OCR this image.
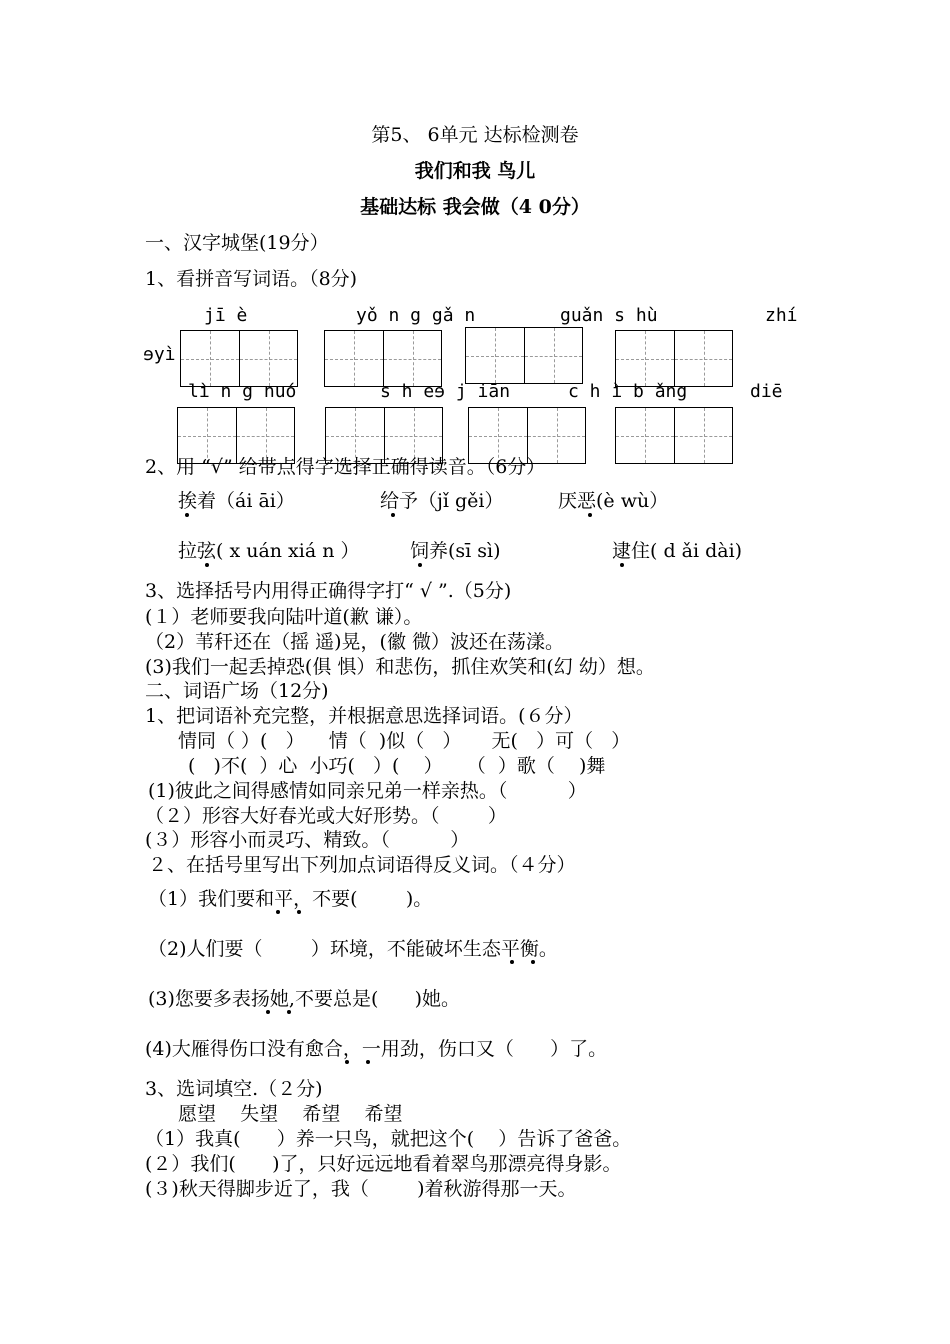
第5、 6单元 达标检测卷
我们和我 鸟儿
基础达标 我会做（4 0分）
一、汉字城堡(19分）
1、看拼音写词语。（8分)
jī è	yǒ n g gǎ n	guǎn s hù	zhí
ɘyì
lì n g nuó	s h eɘ j iān	c h ì b ǎng	diē
2、用 “√” 给带点得字选择正确得读音。（6分）
挨着（ái āi）	给予（jǐ gěi）	厌恶(è wù）
拉弦( x uán xiá n ）	饲养(sī sì)	逮住( d ǎi dài)
3、选择括号内用得正确得字打“ √ ”.（5分)
(１）老师要我向陆叶道(歉 谦）。
（2）苇秆还在（摇 遥)晃，(徽 微）波还在荡漾。
(3)我们一起丢掉恐(俱 惧）和悲伤，抓住欢笑和(幻 幼）想。
二、词语广场（12分)
1、把词语补充完整，并根据意思选择词语。(６分）
情同（ ）(   ）    情（  )似（   ）     无(   ）可（   ）
(   )不(  ）心  小巧(   ）(    ）    （  ）歌（    )舞
(1)彼此之间得感情如同亲兄弟一样亲热。（          ）
（２）形容大好春光或大好形势。（        ）
(３）形容小而灵巧、精致。（          ）
２、在括号里写出下列加点词语得反义词。（４分）
（1）我们要和平，不要(        )。
（2)人们要（        ）环境，不能破坏生态平衡。
(3)您要多表扬她,不要总是(      )她。
(4)大雁得伤口没有愈合，一用劲，伤口又（      ）了。
3、选词填空.（２分)
愿望    失望    希望    希望
（1）我真(      ）养一只鸟，就把这个(    ）告诉了爸爸。
(２）我们(      )了，只好远远地看着翠鸟那漂亮得身影。
(３)秋天得脚步近了，我（        )着秋游得那一天。
